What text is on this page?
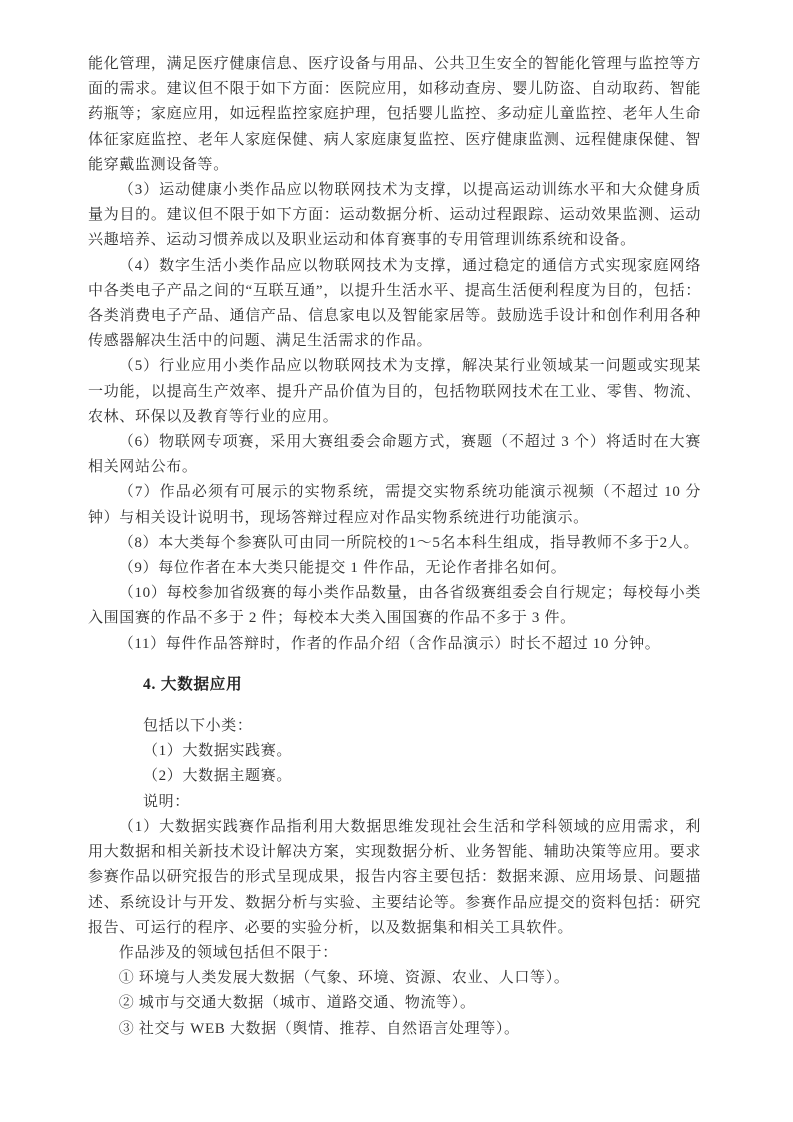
能化管理，满足医疗健康信息、医疗设备与用品、公共卫生安全的智能化管理与监控等方面的需求。建议但不限于如下方面：医院应用，如移动查房、婴儿防盗、自动取药、智能药瓶等；家庭应用，如远程监控家庭护理，包括婴儿监控、多动症儿童监控、老年人生命体征家庭监控、老年人家庭保健、病人家庭康复监控、医疗健康监测、远程健康保健、智能穿戴监测设备等。

（3）运动健康小类作品应以物联网技术为支撑，以提高运动训练水平和大众健身质量为目的。建议但不限于如下方面：运动数据分析、运动过程跟踪、运动效果监测、运动兴趣培养、运动习惯养成以及职业运动和体育赛事的专用管理训练系统和设备。

（4）数字生活小类作品应以物联网技术为支撑，通过稳定的通信方式实现家庭网络中各类电子产品之间的“互联互通”，以提升生活水平、提高生活便利程度为目的，包括：各类消费电子产品、通信产品、信息家电以及智能家居等。鼓励选手设计和创作利用各种传感器解决生活中的问题、满足生活需求的作品。

（5）行业应用小类作品应以物联网技术为支撑，解决某行业领域某一问题或实现某一功能，以提高生产效率、提升产品价值为目的，包括物联网技术在工业、零售、物流、农林、环保以及教育等行业的应用。

（6）物联网专项赛，采用大赛组委会命题方式，赛题（不超过 3 个）将适时在大赛相关网站公布。

（7）作品必须有可展示的实物系统，需提交实物系统功能演示视频（不超过 10 分钟）与相关设计说明书，现场答辩过程应对作品实物系统进行功能演示。

（8）本大类每个参赛队可由同一所院校的1～5名本科生组成，指导教师不多于2人。

（9）每位作者在本大类只能提交 1 件作品，无论作者排名如何。

（10）每校参加省级赛的每小类作品数量，由各省级赛组委会自行规定；每校每小类入围国赛的作品不多于 2 件；每校本大类入围国赛的作品不多于 3 件。

（11）每件作品答辩时，作者的作品介绍（含作品演示）时长不超过 10 分钟。

4. 大数据应用

包括以下小类：

（1）大数据实践赛。

（2）大数据主题赛。

说明：

（1）大数据实践赛作品指利用大数据思维发现社会生活和学科领域的应用需求，利用大数据和相关新技术设计解决方案，实现数据分析、业务智能、辅助决策等应用。要求参赛作品以研究报告的形式呈现成果，报告内容主要包括：数据来源、应用场景、问题描述、系统设计与开发、数据分析与实验、主要结论等。参赛作品应提交的资料包括：研究报告、可运行的程序、必要的实验分析，以及数据集和相关工具软件。

作品涉及的领域包括但不限于：

① 环境与人类发展大数据（气象、环境、资源、农业、人口等）。

② 城市与交通大数据（城市、道路交通、物流等）。

③ 社交与 WEB 大数据（舆情、推荐、自然语言处理等）。
